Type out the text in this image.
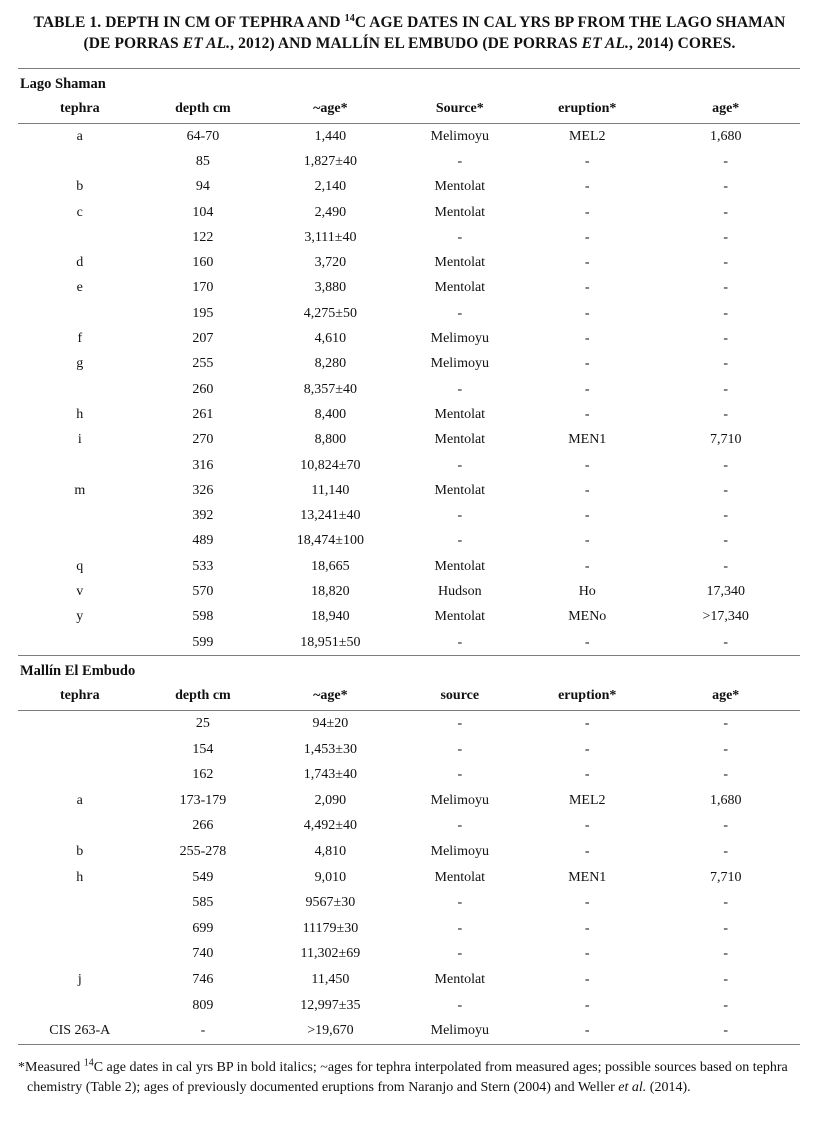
TABLE 1. DEPTH IN CM OF TEPHRA AND $^{14}$C AGE DATES IN CAL YRS BP FROM THE LAGO SHAMAN (DE PORRAS ET AL., 2012) AND MALLÍN EL EMBUDO (DE PORRAS ET AL., 2014) CORES.
Lago Shaman
tephra	depth cm	~age*	Source*	eruption*	age*
a	64-70	1,440	Melimoyu	MEL2	1,680
	85	1,827±40	-	-	-
b	94	2,140	Mentolat	-	-
c	104	2,490	Mentolat	-	-
	122	3,111±40	-	-	-
d	160	3,720	Mentolat	-	-
e	170	3,880	Mentolat	-	-
	195	4,275±50	-	-	-
f	207	4,610	Melimoyu	-	-
g	255	8,280	Melimoyu	-	-
	260	8,357±40	-	-	-
h	261	8,400	Mentolat	-	-
i	270	8,800	Mentolat	MEN1	7,710
	316	10,824±70	-	-	-
m	326	11,140	Mentolat	-	-
	392	13,241±40	-	-	-
	489	18,474±100	-	-	-
q	533	18,665	Mentolat	-	-
v	570	18,820	Hudson	Ho	17,340
y	598	18,940	Mentolat	MENo	>17,340
	599	18,951±50	-	-	-
Mallín El Embudo
tephra	depth cm	~age*	source	eruption*	age*
	25	94±20	-	-	-
	154	1,453±30	-	-	-
	162	1,743±40	-	-	-
a	173-179	2,090	Melimoyu	MEL2	1,680
	266	4,492±40	-	-	-
b	255-278	4,810	Melimoyu	-	-
h	549	9,010	Mentolat	MEN1	7,710
	585	9567±30	-	-	-
	699	11179±30	-	-	-
	740	11,302±69	-	-	-
j	746	11,450	Mentolat	-	-
	809	12,997±35	-	-	-
CIS 263-A	-	>19,670	Melimoyu	-	-
*Measured $^{14}$C age dates in cal yrs BP in bold italics; ~ages for tephra interpolated from measured ages; possible sources based on tephra chemistry (Table 2); ages of previously documented eruptions from Naranjo and Stern (2004) and Weller et al. (2014).
